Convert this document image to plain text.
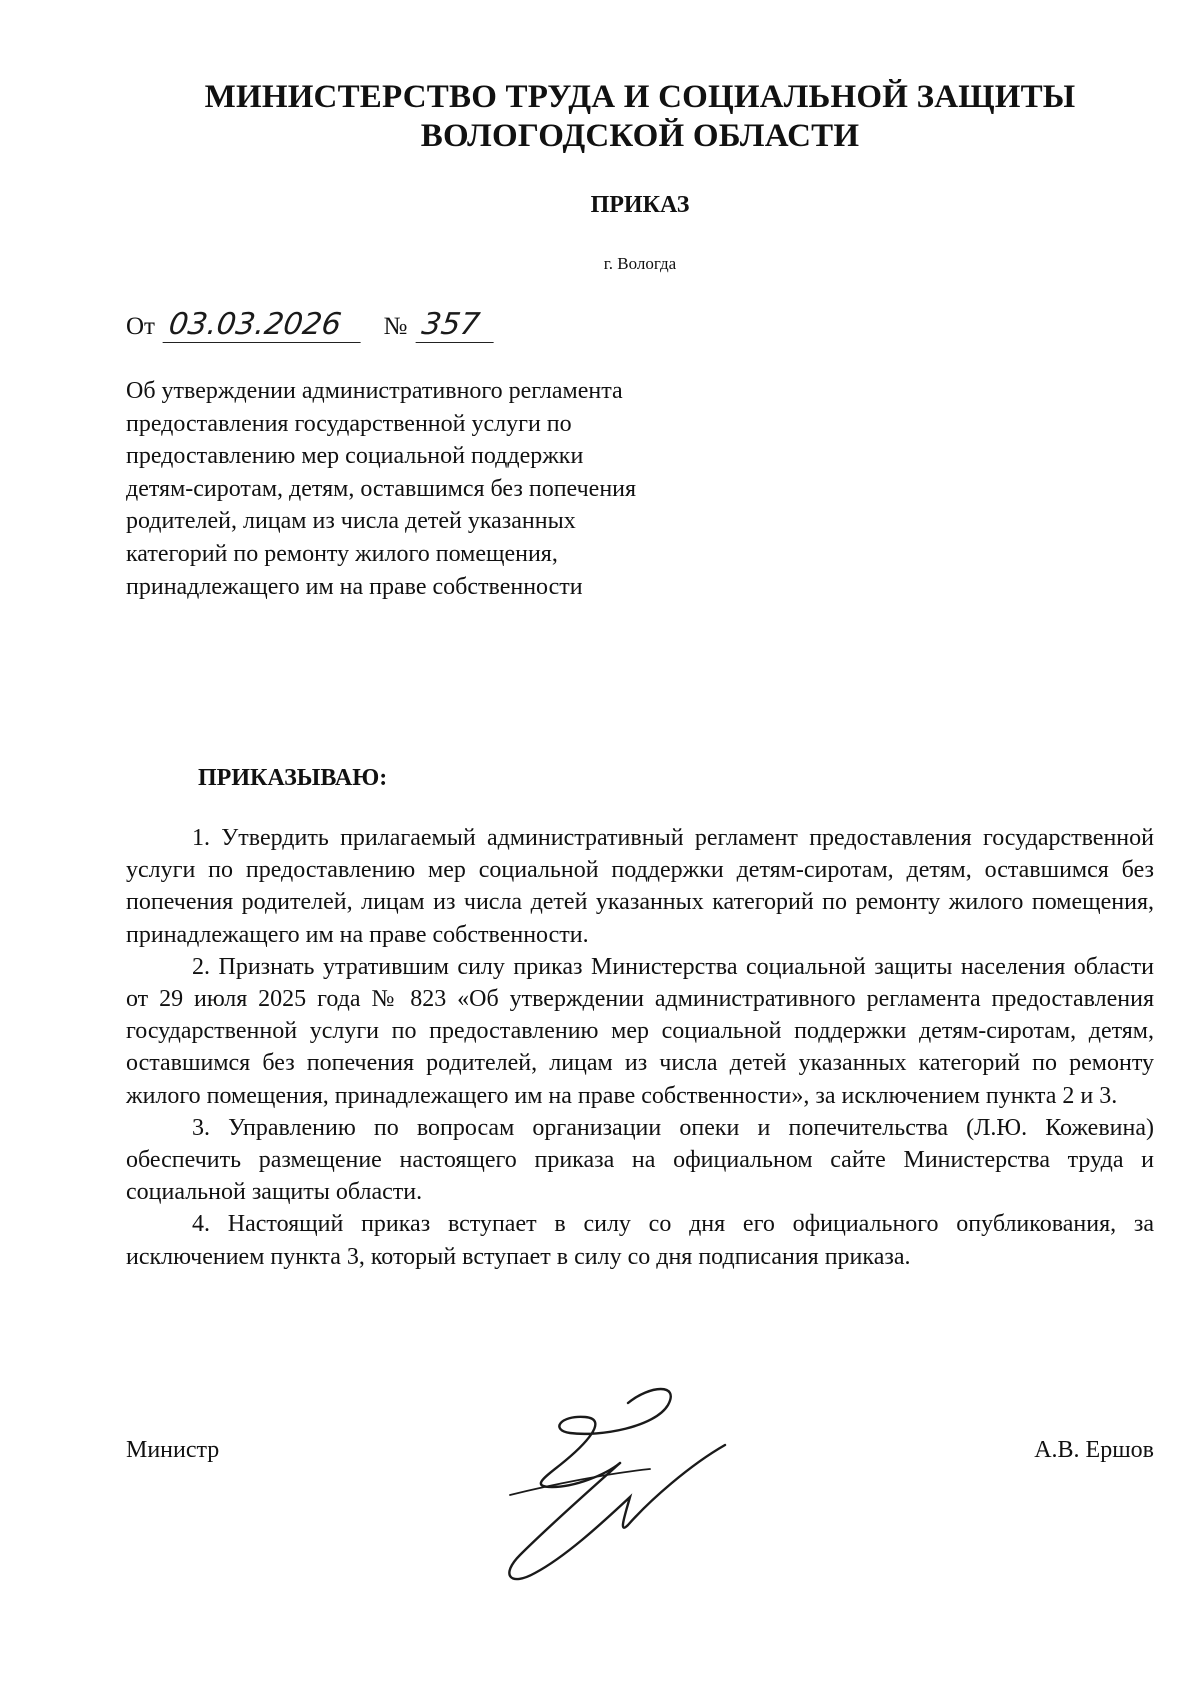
МИНИСТЕРСТВО ТРУДА И СОЦИАЛЬНОЙ ЗАЩИТЫ
ВОЛОГОДСКОЙ ОБЛАСТИ
ПРИКАЗ
г. Вологда
От 03.03.2026 № 357
Об утверждении административного регламента предоставления государственной услуги по предоставлению мер социальной поддержки детям-сиротам, детям, оставшимся без попечения родителей, лицам из числа детей указанных категорий по ремонту жилого помещения, принадлежащего им на праве собственности
ПРИКАЗЫВАЮ:

1. Утвердить прилагаемый административный регламент предоставления государственной услуги по предоставлению мер социальной поддержки детям-сиротам, детям, оставшимся без попечения родителей, лицам из числа детей указанных категорий по ремонту жилого помещения, принадлежащего им на праве собственности.

2. Признать утратившим силу приказ Министерства социальной защиты населения области от 29 июля 2025 года № 823 «Об утверждении административного регламента предоставления государственной услуги по предоставлению мер социальной поддержки детям-сиротам, детям, оставшимся без попечения родителей, лицам из числа детей указанных категорий по ремонту жилого помещения, принадлежащего им на праве собственности», за исключением пункта 2 и 3.

3. Управлению по вопросам организации опеки и попечительства (Л.Ю. Кожевина) обеспечить размещение настоящего приказа на официальном сайте Министерства труда и социальной защиты области.

4. Настоящий приказ вступает в силу со дня его официального опубликования, за исключением пункта 3, который вступает в силу со дня подписания приказа.

Министр	А.В. Ершов
